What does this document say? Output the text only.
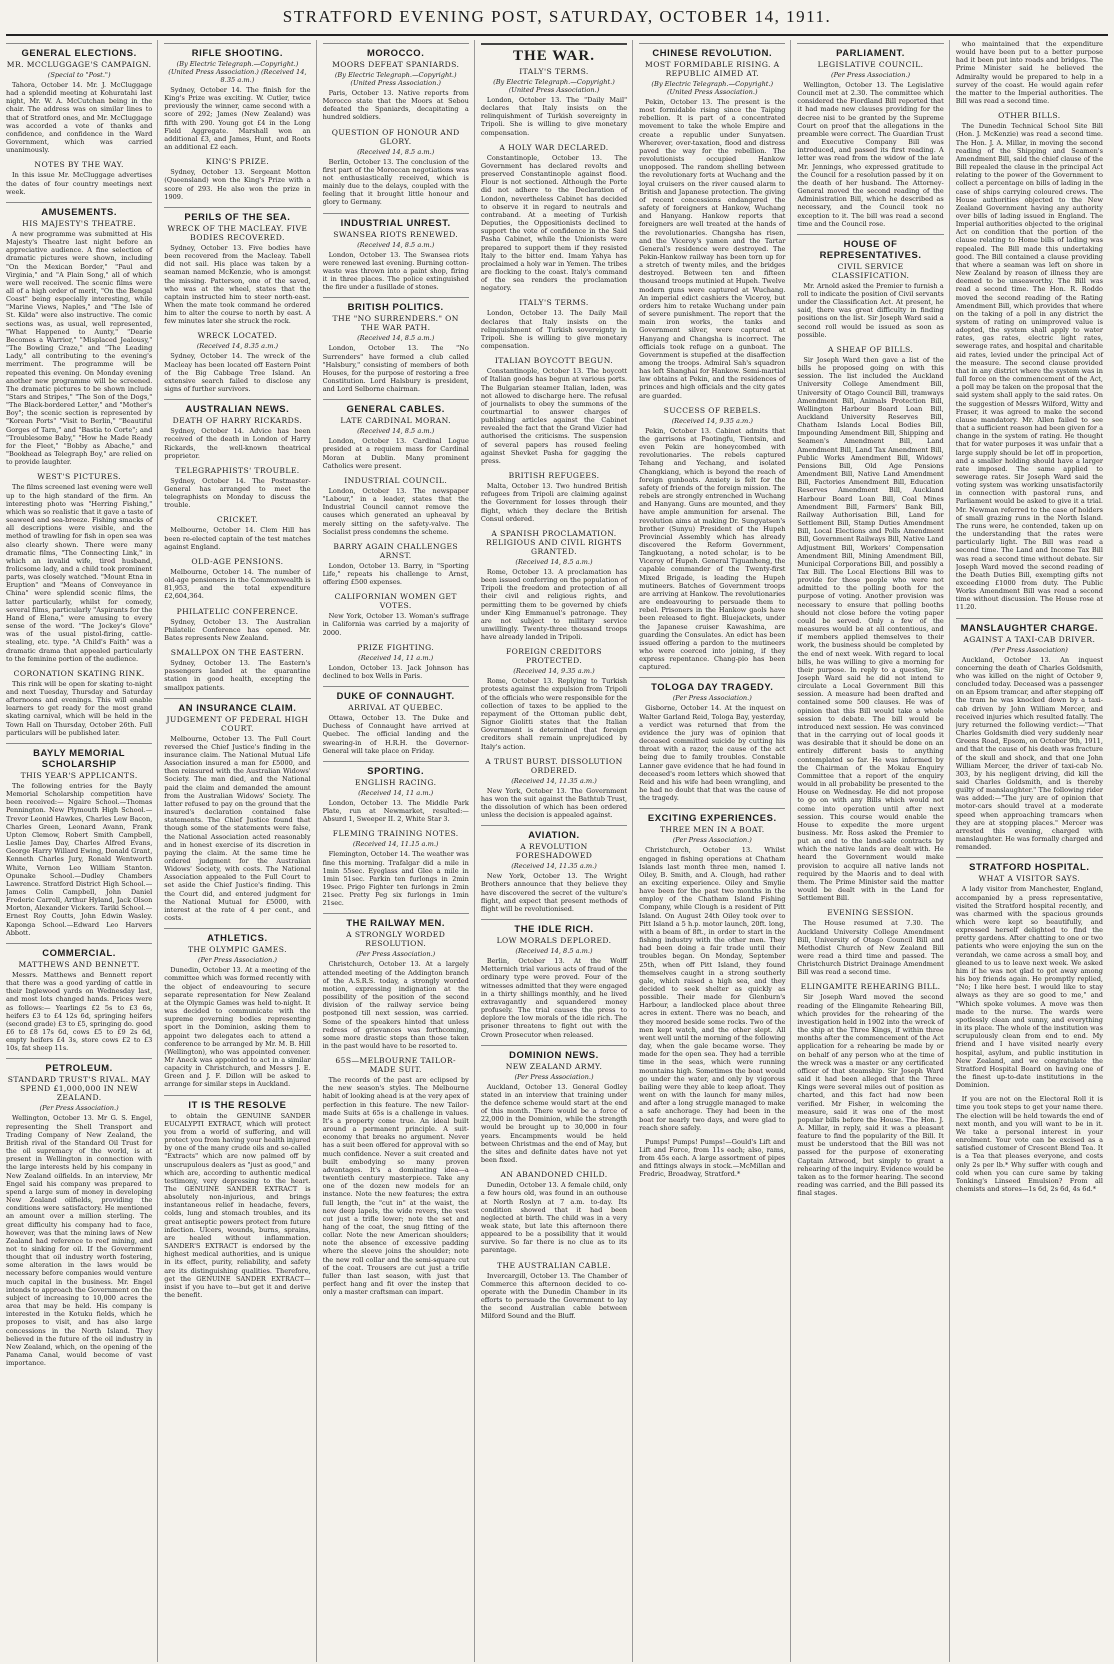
STRATFORD EVENING POST, SATURDAY, OCTOBER 14, 1911.
GENERAL ELECTIONS.
MR. MCCLUGGAGE'S CAMPAIGN.
(Special to "Post.")

Tahora, October 14. Mr. J. McCluggage had a splendid meeting at Kohuratahi last night, Mr. W. A. McCutchan being in the chair. The address was on similar lines to that of Stratford ones, and Mr. McCluggage was accorded a vote of thanks and confidence, and confidence in the Ward Government, which was carried unanimously.

NOTES BY THE WAY.

In this issue Mr. McCluggage advertises the dates of four country meetings next week.

AMUSEMENTS.
HIS MAJESTY'S THEATRE.

A new programme was submitted at His Majesty's Theatre last night before an appreciative audience. A fine selection of dramatic pictures were shown, including "On the Mexican Border," "Paul and Virginia," and "A Plain Song," all of which were well received. The scenic films were all of a high order of merit, "On the Bengal Coast" being especially interesting, while "Marine Views, Naples," and "The Isle of St. Kilda" were also instructive. The comic sections was, as usual, well represented, "What Happened to Aunty," "Dearie Becomes a Warrior," "Misplaced Jealousy," "The Bowling Craze," and "The Leading Lady," all contributing to the evening's merriment. The programme will be repeated this evening. On Monday evening another new programme will be screened. The dramatic pictures to be shown include "Stars and Stripes," "The Son of the Dogs," "The Black-bordered Letter," and "Mother's Boy"; the scenic section is represented by "Korean Ports" "Visit to Berlin," "Beautiful Gorges of Tarn," and "Bastia to Corte"; and "Troublesome Baby," "How he Made Ready for the Fleet," "Bobby as Abache," and "Bookhead as Telegraph Boy," are relied on to provide laughter.

WEST'S PICTURES.

The films screened last evening were well up to the high standard of the firm. An interesting photo was "Herring Fishing," which was so realistic that it gave a taste of seaweed and sea-breeze. Fishing smacks of all descriptions were visible, and the method of trawling for fish in open sea was also clearly shown. There were many dramatic films, "The Connecting Link," in which an invalid wife, tired husband, frolicsome lady, and a child took prominent parts, was closely watched. "Mount Etna in Eruption" and "Means of Conveyance in China" were splendid scenic films, the latter particularly, whilst for comedy, several films, particularly "Aspirants for the Hand of Elena," were amusing to every sense of the word. "The Jockey's Glove" was of the usual pistol-firing, cattle-stealing, etc. type. "A Child's Faith" was a dramatic drama that appealed particularly to the feminine portion of the audience.

CORONATION SKATING RINK.

This rink will be open for skating to-night and next Tuesday, Thursday and Saturday afternoons and evenings. This will enable learners to get ready for the most grand skating carnival, which will be held in the Town Hall on Thursday, October 26th. Full particulars will be published later.

BAYLY MEMORIAL SCHOLARSHIP
THIS YEAR'S APPLICANTS.

The following entries for the Bayly Memorial Scholarship competition have been received:— Ngaire School.—Thomas Pennington. New Plymouth High School.—Trevor Leonid Hawkes, Charles Lew Bacon, Charles Green, Leonard Avann, Frank Upton Clemow, Robert Smith Campbell, Leslie James Day, Charles Alfred Evans, George Harry Willard Ewing, Donald Grant, Kenneth Charles Jury, Ronald Wentworth White, Vernon Leo William Stanton. Opunake School.—Dudley Chambers Lawrence. Stratford District High School.—James Colin Campbell, John Daniel Frederic Carroll, Arthur Hyland, Jack Olson Morton, Alexander Vickers. Tariki School.—Ernest Roy Coutts, John Edwin Wasley. Kaponga School.—Edward Leo Harvers Abbott.

COMMERCIAL.
MATTHEWS AND BENNETT.

Messrs. Matthews and Bennett report that there was a good yarding of cattle in their Inglewood yards on Wednesday last, and most lots changed hands. Prices were as follows:— Yearlings £2 5s to £3 6s, heifers £3 to £4 12s 6d, springing heifers (second grade) £3 to £5, springing do. good £6 to £8 17s 6d, cows £5 to £9 2s 6d, empty heifers £4 3s, store cows £2 to £3 10s, fat sheep 11s.

PETROLEUM.
STANDARD TRUST'S RIVAL. MAY SPEND £1,000,000 IN NEW ZEALAND.
(Per Press Association.)

Wellington, October 13. Mr G. S. Engel, representing the Shell Transport and Trading Company of New Zealand, the British rival of the Standard Oil Trust for the oil supremacy of the world, is at present in Wellington in connection with the large interests held by his company in New Zealand oilfields. In an interview, Mr Engel said his company was prepared to spend a large sum of money in developing New Zealand oilfields, providing the conditions were satisfactory. He mentioned an amount over a million sterling. The great difficulty his company had to face, however, was that the mining laws of New Zealand had reference to reef mining, and not to sinking for oil. If the Government thought that oil industry worth fostering, some alteration in the laws would be necessary before companies would venture much capital in the business. Mr. Engel intends to approach the Government on the subject of increasing to 10,000 acres the area that may be held. His company is interested in the Kotuku fields, which he proposes to visit, and has also large concessions in the North Island. They believed in the future of the oil industry in New Zealand, which, on the opening of the Panama Canal, would become of vast importance.

RIFLE SHOOTING.
(By Electric Telegraph.—Copyright.) (United Press Association.) (Received 14, 8.35 a.m.)

Sydney, October 14. The finish for the King's Prize was exciting. W. Cutler, twice previously the winner, came second with a score of 292; James (New Zealand) was fifth with 290. Young got £4 in the Long Field Aggregate. Marshall won an additional £3, and James, Hunt, and Roots an additional £2 each.

KING'S PRIZE.

Sydney, October 13. Sergeant Motton (Queensland) won the King's Prize with a score of 293. He also won the prize in 1909.

PERILS OF THE SEA.
WRECK OF THE MACLEAY. FIVE BODIES RECOVERED.

Sydney, October 13. Five bodies have been recovered from the Macleay. Tabell did not sail. His place was taken by a seaman named McKenzie, who is amongst the missing. Patterson, one of the saved, who was at the wheel, states that the captain instructed him to steer north-east. When the mate took command he ordered him to alter the course to north by east. A few minutes later she struck the rock.

WRECK LOCATED.
(Received 14, 8.35 a.m.)

Sydney, October 14. The wreck of the Macleay has been located off Eastern Point of the Big Cabbage Tree Island. An extensive search failed to disclose any signs of further survivors.

AUSTRALIAN NEWS.
DEATH OF HARRY RICKARDS.

Sydney, October 14. Advice has been received of the death in London of Harry Rickards, the well-known theatrical proprietor.

TELEGRAPHISTS' TROUBLE.

Sydney, October 14. The Postmaster-General has arranged to meet the telegraphists on Monday to discuss the trouble.

CRICKET.

Melbourne, October 14. Clem Hill has been re-elected captain of the test matches against England.

OLD-AGE PENSIONS.

Melbourne, October 14. The number of old-age pensioners in the Commonwealth is 81,953, and the total expenditure £2,604,364.

PHILATELIC CONFERENCE.

Sydney, October 13. The Australian Philatelic Conference has opened. Mr. Bates represents New Zealand.

SMALLPOX ON THE EASTERN.

Sydney, October 13. The Eastern's passengers landed at the quarantine station in good health, excepting the smallpox patients.

AN INSURANCE CLAIM.
JUDGEMENT OF FEDERAL HIGH COURT.

Melbourne, October 13. The Full Court reversed the Chief Justice's finding in the insurance claim. The National Mutual Life Association insured a man for £5000, and then reinsured with the Australian Widows' Society. The man died, and the National paid the claim and demanded the amount from the Australian Widows' Society. The latter refused to pay on the ground that the insured's declaration contained false statements. The Chief Justice found that though some of the statements were false, the National Association acted reasonably and in honest exercise of its discretion in paying the claim. At the same time he ordered judgment for the Australian Widows' Society, with costs. The National Association appealed to the Full Court to set aside the Chief Justice's finding. This the Court did, and entered judgment for the National Mutual for £5000, with interest at the rate of 4 per cent., and costs.

ATHLETICS.
THE OLYMPIC GAMES.
(Per Press Association.)

Dunedin, October 13. At a meeting of the committee which was formed recently with the object of endeavouring to secure separate representation for New Zealand at the Olympic Games was held to-night. It was decided to communicate with the supreme governing bodies representing sport in the Dominion, asking them to appoint two delegates each to attend a conference to be arranged by Mr. M. B. Hill (Wellington), who was appointed convener. Mr Aneck was appointed to act in a similar capacity in Christchurch, and Messrs J. E. Green and J. F. Dillon will be asked to arrange for similar steps in Auckland.

IT IS THE RESOLVE

to obtain the GENUINE SANDER EUCALYPTI EXTRACT, which will protect you from a world of suffering, and will protect you from having your health injured by one of the many crude oils and so-called "Extracts" which are now palmed off by unscrupulous dealers as "just as good," and which are, according to authentic medical testimony, very depressing to the heart. The GENUINE SANDER EXTRACT is absolutely non-injurious, and brings instantaneous relief in headache, fevers, colds, lung and stomach troubles, and its great antiseptic powers protect from future infection. Ulcers, wounds, burns, sprains, are healed without inflammation. SANDER'S EXTRACT is endorsed by the highest medical authorities, and is unique in its effect, purity, reliability, and safety are its distinguishing qualities. Therefore, get the GENUINE SANDER EXTRACT—insist if you have to—but get it and derive the benefit.

MOROCCO.
MOORS DEFEAT SPANIARDS.
(By Electric Telegraph.—Copyright.) (United Press Association.)

Paris, October 13. Native reports from Morocco state that the Moors at Sebou defeated the Spaniards, decapitating a hundred soldiers.

QUESTION OF HONOUR AND GLORY.
(Received 14, 8.5 a.m.)

Berlin, October 13. The conclusion of the first part of the Moroccan negotiations was not enthusiastically received, which is mainly due to the delays, coupled with the feeling that it brought little honour and glory to Germany.

INDUSTRIAL UNREST.
SWANSEA RIOTS RENEWED.
(Received 14, 8.5 a.m.)

London, October 13. The Swansea riots were renewed last evening. Burning cotton-waste was thrown into a paint shop, firing it in three places. The police extinguished the fire under a fusillade of stones.

BRITISH POLITICS.
THE "NO SURRENDERS." ON THE WAR PATH.
(Received 14, 8.5 a.m.)

London, October 13. The "No Surrenders" have formed a club called "Halsbury," consisting of members of both Houses, for the purpose of restoring a free Constitution. Lord Halsbury is president, and Lord Selborne chairman.

GENERAL CABLES.
LATE CARDINAL MORAN.
(Received 14, 8.5 a.m.)

London, October 13. Cardinal Logue presided at a requiem mass for Cardinal Moran at Dublin. Many prominent Catholics were present.

INDUSTRIAL COUNCIL.

London, October 13. The newspaper "Labour," in a leader, states that the Industrial Council cannot remove the causes which generated an upheaval by merely sitting on the safety-valve. The Socialist press condemns the scheme.

BARRY AGAIN CHALLENGES ARNST.

London, October 13. Barry, in "Sporting Life," repeats his challenge to Arnst, offering £500 expenses.

CALIFORNIAN WOMEN GET VOTES.

New York, October 13. Woman's suffrage in California was carried by a majority of 2000.

PRIZE FIGHTING.
(Received 14, 11 a.m.)

London, October 13. Jack Johnson has declined to box Wells in Paris.

DUKE OF CONNAUGHT.
ARRIVAL AT QUEBEC.

Ottawa, October 13. The Duke and Duchess of Connaught have arrived at Quebec. The official landing and the swearing-in of H.R.H. the Governor-General will take place on Friday.

SPORTING.
ENGLISH RACING.
(Received 14, 11 a.m.)

London, October 13. The Middle Park Plate, run at Newmarket, resulted:—Absurd 1, Sweeper II. 2, White Star 3.

FLEMING TRAINING NOTES.
(Received 14, 11.15 a.m.)

Flemington, October 14. The weather was fine this morning. Trafalgar did a mile in 1min 55sec. Eyeglass and Glee a mile in 1min 51sec. Parkin ten furlongs in 2min 19sec. Prigo Fighter ten furlongs in 2min 21sec. Pretty Peg six furlongs in 1min 21sec.

THE RAILWAY MEN.
A STRONGLY WORDED RESOLUTION.
(Per Press Association.)

Christchurch, October 13. At a largely attended meeting of the Addington branch of the A.S.R.S. today, a strongly worded motion, expressing indignation at the possibility of the position of the second division of the railway service being postponed till next session, was carried. Some of the speakers hinted that unless redress of grievances was forthcoming, some more drastic steps than those taken in the past would have to be resorted to.

65S—MELBOURNE TAILOR-MADE SUIT.

The records of the past are eclipsed by the new season's styles. The Melbourne habit of looking ahead is at the very apex of perfection in this feature. The new Tailor-made Suits at 65s is a challenge in values. It's a property come true. An ideal built around a permanent principle. A suit-economy that breaks no argument. Never has a suit been offered for approval with so much confidence. Never a suit created and built embodying so many proven advantages. It's a dominating idea—a twentieth century masterpiece. Take any one of the dozen new models for an instance. Note the new features; the extra full length, the "cut in" at the waist, the new deep lapels, the wide revers, the vest cut just a trifle lower; note the set and hang of the coat, the snug fitting of the collar. Note the new American shoulders; note the absence of excessive padding where the sleeve joins the shoulder; note the new roll collar and the semi-square cut of the coat. Trousers are cut just a trifle fuller than last season, with just that perfect hang and fit over the instep that only a master craftsman can impart.

THE WAR.
ITALY'S TERMS.
(By Electric Telegraph.—Copyright.) (United Press Association.)

London, October 13. The "Daily Mail" declares that Italy insists on the relinquishment of Turkish sovereignty in Tripoli. She is willing to give monetary compensation.

A HOLY WAR DECLARED.

Constantinople, October 13. The Government has declared revolts and preserved Constantinople against flood. Flour is not sectioned. Although the Porte did not adhere to the Declaration of London, nevertheless Cabinet has decided to observe it in regard to neutrals and contraband. At a meeting of Turkish Deputies, the Oppositionists declined to support the vote of confidence in the Said Pasha Cabinet, while the Unionists were prepared to support them if they resisted Italy to the bitter end. Imam Yahya has proclaimed a holy war in Yemen. The tribes are flocking to the coast. Italy's command of the sea renders the proclamation negatory.

ITALY'S TERMS.

London, October 13. The Daily Mail declares that Italy insists on the relinquishment of Turkish sovereignty in Tripoli. She is willing to give monetary compensation.

ITALIAN BOYCOTT BEGUN.

Constantinople, October 13. The boycott of Italian goods has begun at various ports. The Bulgarian steamer Italian, laden, was not allowed to discharge here. The refusal of journalists to obey the summons of the courtmartial to answer charges of publishing articles against the Cabinet revealed the fact that the Grand Vizier had authorised the criticisms. The suspension of several papers has roused feeling against Shevket Pasha for gagging the press.

BRITISH REFUGEES.

Malta, October 13. Two hundred British refugees from Tripoli are claiming against the Government for losses through their flight, which they declare the British Consul ordered.

A SPANISH PROCLAMATION. RELIGIOUS AND CIVIL RIGHTS GRANTED.
(Received 14, 8.5 a.m.)

Rome, October 13. A proclamation has been issued conferring on the population of Tripoli the freedom and protection of all their civil and religious rights, and permitting them to be governed by chiefs under King Emmanuel's patronage. They are not subject to military service unwillingly. Twenty-three thousand troops have already landed in Tripoli.

FOREIGN CREDITORS PROTECTED.
(Received 14, 9.35 a.m.)

Rome, October 13. Replying to Turkish protests against the expulsion from Tripoli of the officials who were responsible for the collection of taxes to be applied to the repayment of the Ottoman public debt, Signor Giolitti states that the Italian Government is determined that foreign creditors shall remain unprejudiced by Italy's action.

A TRUST BURST. DISSOLUTION ORDERED.
(Received 14, 11.35 a.m.)

New York, October 13. The Government has won the suit against the Bathtub Trust, the dissolution of which has been ordered unless the decision is appealed against.

AVIATION.
A REVOLUTION FORESHADOWED
(Received 14, 11.35 a.m.)

New York, October 13. The Wright Brothers announce that they believe they have discovered the secret of the vulture's flight, and expect that present methods of flight will be revolutionised.

THE IDLE RICH.
LOW MORALS DEPLORED.
(Received 14, 8.5 a.m.)

Berlin, October 13. At the Wolff Metternich trial various acts of fraud of the ordinary type were proved. Four of the witnesses admitted that they were engaged in a thirty shillings monthly, and he lived extravagantly and squandered money profusely. The trial causes the press to deplore the low morals of the idle rich. The prisoner threatens to fight out with the Crown Prosecutor when released.

DOMINION NEWS.
NEW ZEALAND ARMY.
(Per Press Association.)

Auckland, October 13. General Godley stated in an interview that training under the defence scheme would start at the end of this month. There would be a force of 22,000 in the Dominion, while the strength would be brought up to 30,000 in four years. Encampments would be held between Christmas and the end of May, but the sites and definite dates have not yet been fixed.

AN ABANDONED CHILD.

Dunedin, October 13. A female child, only a few hours old, was found in an outhouse at North Roslyn at 7 a.m. to-day. Its condition showed that it had been neglected at birth. The child was in a very weak state, but late this afternoon there appeared to be a possibility that it would survive. So far there is no clue as to its parentage.

THE AUSTRALIAN CABLE.

Invercargill, October 13. The Chamber of Commerce this afternoon decided to co-operate with the Dunedin Chamber in its efforts to persuade the Government to lay the second Australian cable between Milford Sound and the Bluff.

CHINESE REVOLUTION.
MOST FORMIDABLE RISING. A REPUBLIC AIMED AT.
(By Electric Telegraph.—Copyright.) (United Press Association.)

Pekin, October 13. The present is the most formidable rising since the Taiping rebellion. It is part of a concentrated movement to take the whole Empire and create a republic under Sunyatsen. Wherever, over-taxation, flood and distress paved the way for the rebellion. The revolutionists occupied Hankow unopposed. The random shelling between the revolutionary forts at Wuchang and the loyal cruisers on the river caused alarm to British and Japanese protection. The giving of recent concessions endangered the safety of foreigners at Hankow, Wuchang and Hanyang. Hankow reports that foreigners are well treated at the hands of the revolutionaries. Changsha has risen, and the Viceroy's yamen and the Tartar General's residence were destroyed. The Pekin-Hankow railway has been torn up for a stretch of twenty miles, and the bridges destroyed. Between ten and fifteen thousand troops mutinied at Hupeh. Twelve modern guns were captured at Wuchang. An imperial edict cashiers the Viceroy, but orders him to retake Wuchang under pain of severe punishment. The report that the main iron works, the tanks and Government silver, were captured at Hanyang and Changsha is incorrect. The officials took refuge on a gunboat. The Government is stupefied at the disaffection among the troops. Admiral Sah's squadron has left Shanghai for Hankow. Semi-martial law obtains at Pekin, and the residences of princes and high officials and the city gates are guarded.

SUCCESS OF REBELS.
(Received 14, 9.35 a.m.)

Pekin, October 13. Cabinet admits that the garrisons at Paotingfu, Tientsin, and even Pekin are honeycombed with revolutionaries. The rebels captured Tehang and Yechang, and isolated Changkiang, which is beyond the reach of foreign gunboats. Anxiety is felt for the safety of friends of the foreign mission. The rebels are strongly entrenched in Wuchang and Hanyang. Guns are mounted, and they have ample ammunition for arsenal. The revolution aims at making Dr. Sungyatsen's brother (Sunyu) President of the Hupeh Provincial Assembly which has already discovered the Reform Government, Tangkuotang, a noted scholar, is to be Viceroy of Hupeh. General Tiguanheng, the capable commander of the Twenty-first Mixed Brigade, is leading the Hupeh mutineers. Batches of Government troops are arriving at Hankow. The revolutionaries are endeavouring to persuade them to rebel. Prisoners in the Hankow gaols have been released to fight. Bluejackets, under the Japanese cruiser Kawashima, are guarding the Consulates. An edict has been issued offering a pardon to the mutineers who were coerced into joining, if they express repentance. Chang-pio has been captured.

TOLOGA DAY TRAGEDY.
(Per Press Association.)

Gisborne, October 14. At the inquest on Walter Garland Reid, Tologa Bay, yesterday, a verdict was returned that from the evidence the jury was of opinion that deceased committed suicide by cutting his throat with a razor, the cause of the act being due to family troubles. Constable Lanner gave evidence that he had found in deceased's room letters which showed that Reid and his wife had been wrangling, and he had no doubt that that was the cause of the tragedy.

EXCITING EXPERIENCES.
THREE MEN IN A BOAT.
(Per Press Association.)

Christchurch, October 13. Whilst engaged in fishing operations at Chatham Islands last month three men, named I. Oiley, B. Smith, and A. Clough, had rather an exciting experience. Oiley and Smylie have been for the past two months in the employ of the Chatham Island Fishing Company, while Clough is a resident of Pitt Island. On August 24th Oiley took over to Pitt Island a 5 h.p. motor launch, 20ft. long, with a beam of 8ft., in order to start in the fishing industry with the other men. They had been doing a fair trade until their troubles began. On Monday, September 25th, when off Pitt Island, they found themselves caught in a strong southerly gale, which raised a high sea, and they decided to seek shelter as quickly as possible. Their made for Glenburn's Harbour, a landlocked place about three acres in extent. There was no beach, and they moored beside some rocks. Two of the men kept watch, and the other slept. All went well until the morning of the following day, when the gale became worse. They made for the open sea. They had a terrible time in the seas, which were running mountains high. Sometimes the boat would go under the water, and only by vigorous bailing were they able to keep afloat. They went on with the launch for many miles, and after a long struggle managed to make a safe anchorage. They had been in the boat for nearly two days, and were glad to reach shore safely.

Pumps! Pumps! Pumps!—Gould's Lift and Lift and Force, from 11s each; also, rams, from 45s each. A large assortment of pipes and fittings always in stock.—McMillan and Fredric, Broadway, Stratford.*

PARLIAMENT.
LEGISLATIVE COUNCIL.
(Per Press Association.)

Wellington, October 13. The Legislative Council met at 2.30. The committee which considered the Fiordland Bill reported that it had made new clauses providing for the decree nisi to be granted by the Supreme Court on proof that the allegations in the preamble were correct. The Guardian Trust and Executive Company Bill was introduced, and passed its first reading. A letter was read from the widow of the late Mr. Jennings, who expressed gratitude to the Council for a resolution passed by it on the death of her husband. The Attorney-General moved the second reading of the Administration Bill, which he described as necessary, and the Council took no exception to it. The bill was read a second time and the Council rose.

HOUSE OF REPRESENTATIVES.
CIVIL SERVICE CLASSIFICATION.

Mr. Arnold asked the Premier to furnish a roll to indicate the position of Civil servants under the Classification Act. At present, he said, there was great difficulty in finding positions on the list. Sir Joseph Ward said a second roll would be issued as soon as possible.

A SHEAF OF BILLS.

Sir Joseph Ward then gave a list of the bills he proposed going on with this session. The list included the Auckland University College Amendment Bill, University of Otago Council Bill, tramways Amendment Bill, Animals Protection Bill, Wellington Harbour Board Loan Bill, Auckland University Reserves Bill, Chatham Islands Local Bodies Bill, Impounding Amendment Bill, Shipping and Seamen's Amendment Bill, Land Amendment Bill, Land Tax Amendment Bill, Public Works Amendment Bill, Widows' Pensions Bill, Old Age Pensions Amendment Bill, Native Land Amendment Bill, Factories Amendment Bill, Education Reserves Amendment Bill, Auckland Harbour Board Loan Bill, Coal Mines Amendment Bill, Farmers' Bank Bill, Railway Authorisation Bill, Land for Settlement Bill, Stamp Duties Amendment Bill, Local Elections and Polls Amendment Bill, Government Railways Bill, Native Land Adjustment Bill, Workers' Compensation Amendment Bill, Mining Amendment Bill, Municipal Corporations Bill, and possibly a Tax Bill. The Local Elections Bill was to provide for those people who were not admitted to the polling booth for the purpose of voting. Another provision was necessary to ensure that polling booths should not close before the voting paper could be served. Only a few of the measures would be at all contentious, and if members applied themselves to their work, the business should be completed by the end of next week. With regard to local bills, he was willing to give a morning for their purpose. In reply to a question, Sir Joseph Ward said he did not intend to circulate a Local Government Bill this session. A measure had been drafted and contained some 500 clauses. He was of opinion that this Bill would take a whole session to debate. The bill would be introduced next session. He was convinced that in the carrying out of local goods it was desirable that it should be done on an entirely different basis to anything contemplated so far. He was informed by the Chairman of the Mokau Enquiry Committee that a report of the enquiry would in all probability be presented to the House on Wednesday. He did not propose to go on with any Bills which would not come into operation until after next session. This course would enable the House to expedite the more urgent business. Mr. Ross asked the Premier to put an end to the land-sale contracts by which the native lands are dealt with. He heard the Government would make provision to acquire all native lands not required by the Maoris and to deal with them. The Prime Minister said the matter would be dealt with in the Land for Settlement Bill.

EVENING SESSION.

The House resumed at 7.30. The Auckland University College Amendment Bill, University of Otago Council Bill and Methodist Church of New Zealand Bill were read a third time and passed. The Christchurch District Drainage Amendment Bill was read a second time.

ELINGAMITE REHEARING BILL.

Sir Joseph Ward moved the second reading of the Elingamite Rehearing Bill, which provides for the rehearing of the investigation held in 1902 into the wreck of the ship at the Three Kings, if within three months after the commencement of the Act application for a rehearing be made by or on behalf of any person who at the time of the wreck was a master or any certificated officer of that steamship. Sir Joseph Ward said it had been alleged that the Three Kings were several miles out of position as charted, and this fact had now been verified. Mr Fisher, in welcoming the measure, said it was one of the most popular bills before the House. The Hon. J. A. Millar, in reply, said it was a pleasant feature to find the popularity of the Bill. It must be understood that the Bill was not passed for the purpose of exonerating Captain Attwood, but simply to grant a rehearing of the inquiry. Evidence would be taken as to the former hearing. The second reading was carried, and the Bill passed its final stages.

who maintained that the expenditure would have been put to a better purpose had it been put into roads and bridges. The Prime Minister said he believed the Admiralty would be prepared to help in a survey of the coast. He would again refer the matter to the Imperial authorities. The Bill was read a second time.

OTHER BILLS.

The Dunedin Technical School Site Bill (Hon. J. McKenzie) was read a second time. The Hon. J. A. Millar, in moving the second reading of the Shipping and Seamen's Amendment Bill, said the chief clause of the Bill repealed the clause in the principal Act relating to the power of the Government to collect a percentage on bills of lading in the case of ships carrying coloured crews. The House authorities objected to the New Zealand Government having any authority over bills of lading issued in England. The Imperial authorities objected to the original Act on condition that the portion of the clause relating to Home bills of lading was repealed. The Bill made this undertaking good. The Bill contained a clause providing that where a seaman was left on shore in New Zealand by reason of illness they are deemed to be unseaworthy. The Bill was read a second time. The Hon. R. Roddo moved the second reading of the Rating Amendment Bill, which provides that where on the taking of a poll in any district the system of rating on unimproved value is adopted, the system shall apply to water rates, gas rates, electric light rates, sewerage rates, and hospital and charitable aid rates, levied under the principal Act of the measure. The second clause provided that in any district where the system was in full force on the commencement of the Act, a poll may be taken on the proposal that the said system shall apply to the said rates. On the suggestion of Messrs Wilford, Witty and Fraser, it was agreed to make the second clause mandatory. Mr. Allen failed to see that a sufficient reason had been given for a change in the system of rating. He thought that for water purposes it was unfair that a large supply should be let off in proportion, and a smaller holding should have a larger rate imposed. The same applied to sewerage rates. Sir Joseph Ward said the voting system was working unsatisfactorily in connection with pastoral runs, and Parliament would be asked to give it a trial. Mr. Newman referred to the case of holders of small grazing runs in the North Island. The runs were, he contended, taken up on the understanding that the rates were particularly light. The Bill was read a second time. The Land and Income Tax Bill was read a second time without debate. Sir Joseph Ward moved the second reading of the Death Duties Bill, exempting gifts not exceeding £1000 from duty. The Public Works Amendment Bill was read a second time without discussion. The House rose at 11.20.

MANSLAUGHTER CHARGE.
AGAINST A TAXI-CAB DRIVER.
(Per Press Association)

Auckland, October 13. An inquest concerning the death of Charles Goldsmith, who was killed on the night of October 9, concluded today. Deceased was a passenger on an Epsom tramcar, and after stepping off the tram he was knocked down by a taxi-cab driven by John William Mercer, and received injuries which resulted fatally. The jury returned the following verdict:—"That Charles Goldsmith died very suddenly near Greens Road, Epsom, on October 9th, 1911, and that the cause of his death was fracture of the skull and shock, and that one John William Mercer, the driver of taxi-cab No. 303, by his negligent driving, did kill the said Charles Goldsmith, and is thereby guilty of manslaughter." The following rider was added:—"The jury are of opinion that motor-cars should travel at a moderate speed when approaching tramcars when they are at stopping places." Mercer was arrested this evening, charged with manslaughter. He was formally charged and remanded.

STRATFORD HOSPITAL.
WHAT A VISITOR SAYS.

A lady visitor from Manchester, England, accompanied by a press representative, visited the Stratford hospital recently, and was charmed with the spacious grounds which were kept so beautifully, and expressed herself delighted to find the pretty gardens. After chatting to one or two patients who were enjoying the sun on the verandah, we came across a small boy, and gleaned to us to leave next week. We asked him if he was not glad to get away among his boy friends again. He promptly replied, "No; I like here best. I would like to stay always as they are so good to me," and "Which spoke volumes. A move was then made to the nurse. The wards were spotlessly clean and sunny, and everything in its place. The whole of the institution was scrupulously clean from end to end. My friend and I have visited nearly every hospital, asylum, and public institution in New Zealand, and we congratulate the Stratford Hospital Board on having one of the finest up-to-date institutions in the Dominion.

If you are not on the Electoral Roll it is time you took steps to get your name there. The election will be held towards the end of next month, and you will want to be in it. We take a personal interest in your enrolment. Your vote can be excised as a satisfied customer of Crescent Blend Tea. It is a Tea that pleases everyone, and costs only 2s per lb.* Why suffer with cough and cold when you can cure same by taking Tonking's Linseed Emulsion? From all chemists and stores—1s 6d, 2s 6d, 4s 6d.*
